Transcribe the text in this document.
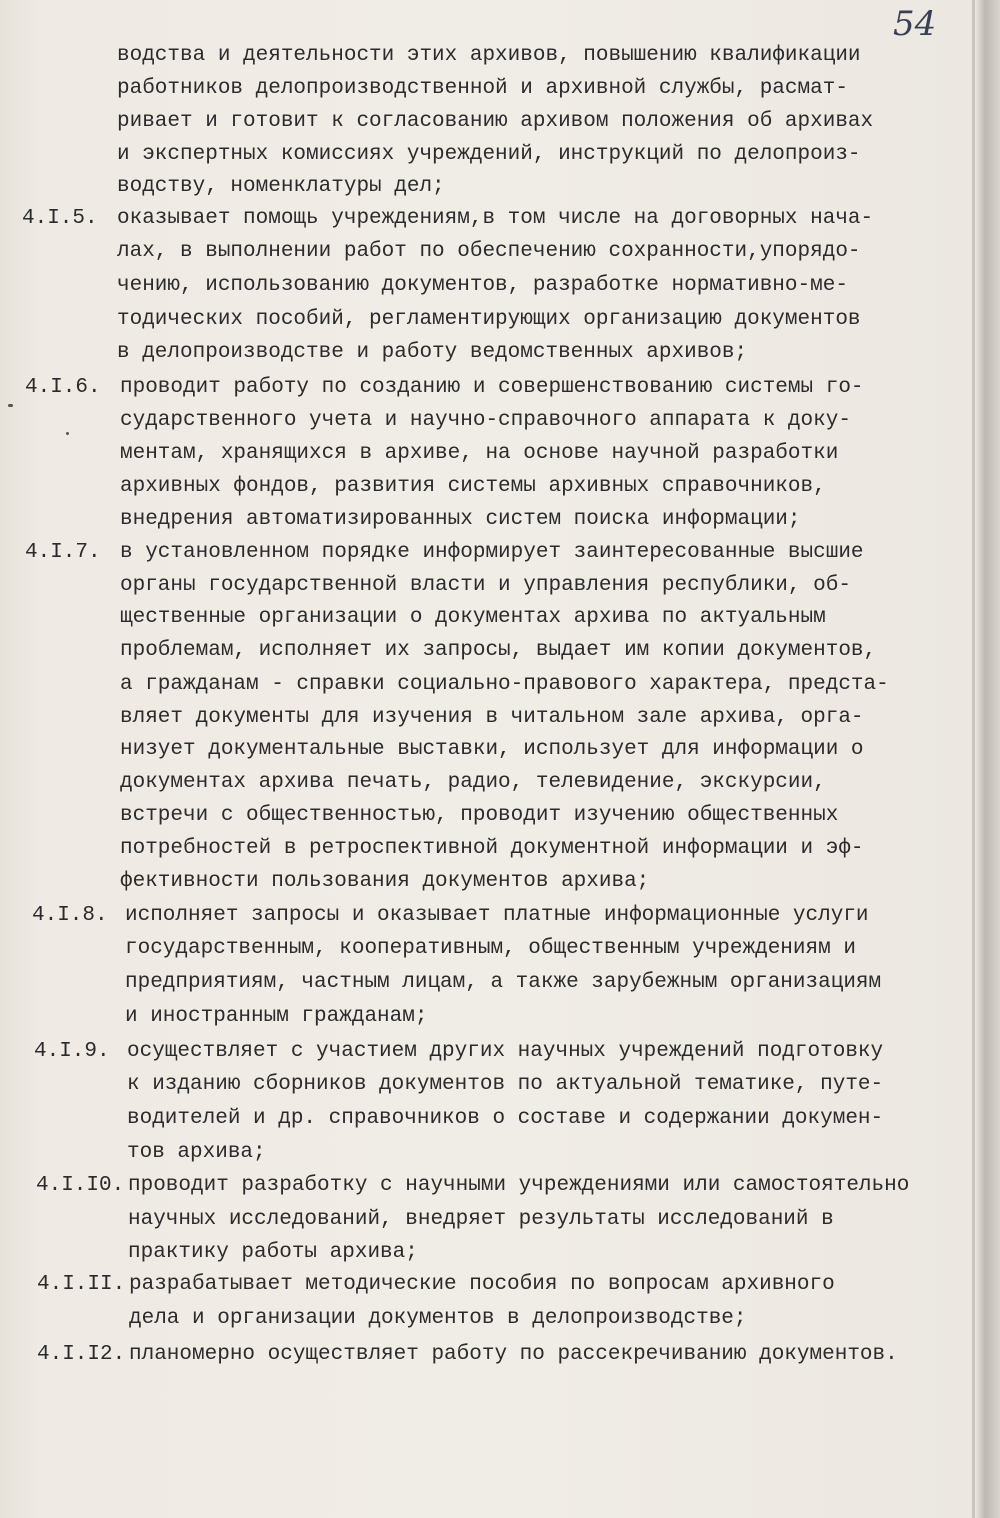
54
4.I.5.
4.I.6.
4.I.7.
4.I.8.
4.I.9.
4.I.I0.
4.I.II.
4.I.I2.
водства и деятельности этих архивов, повышению квалификации
работников делопроизводственной и архивной службы, расмат-
ривает и готовит к согласованию архивом положения об архивах
и экспертных комиссиях учреждений, инструкций по делопроиз-
водству, номенклатуры дел;
оказывает помощь учреждениям,в том числе на договорных нача-
лах, в выполнении работ по обеспечению сохранности,упорядо-
чению, использованию документов, разработке нормативно-ме-
тодических пособий, регламентирующих организацию документов
в делопроизводстве и работу ведомственных архивов;
проводит работу по созданию и совершенствованию системы го-
сударственного учета и научно-справочного аппарата к доку-
ментам, хранящихся в архиве, на основе научной разработки
архивных фондов, развития системы архивных справочников,
внедрения автоматизированных систем поиска информации;
в установленном порядке информирует заинтересованные высшие
органы государственной власти и управления республики, об-
щественные организации о документах архива по актуальным
проблемам, исполняет их запросы, выдает им копии документов,
а гражданам - справки социально-правового характера, предста-
вляет документы для изучения в читальном зале архива, орга-
низует документальные выставки, использует для информации о
документах архива печать, радио, телевидение, экскурсии,
встречи с общественностью, проводит изучению общественных
потребностей в ретроспективной документной информации и эф-
фективности пользования документов архива;
исполняет запросы и оказывает платные информационные услуги
государственным, кооперативным, общественным учреждениям и
предприятиям, частным лицам, а также зарубежным организациям
и иностранным гражданам;
осуществляет с участием других научных учреждений подготовку
к изданию сборников документов по актуальной тематике, путе-
водителей и др. справочников о составе и содержании докумен-
тов архива;
проводит разработку с научными учреждениями или самостоятельно
научных исследований, внедряет результаты исследований в
практику работы архива;
разрабатывает методические пособия по вопросам архивного
дела и организации документов в делопроизводстве;
планомерно осуществляет работу по рассекречиванию документов.
